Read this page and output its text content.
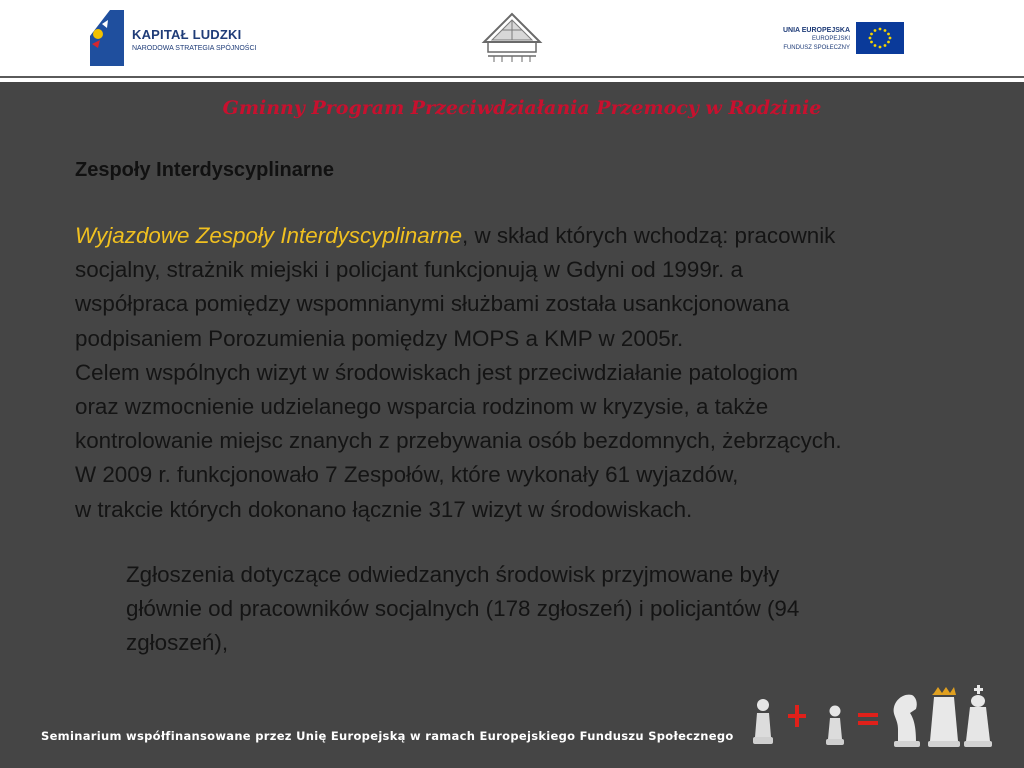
KAPITAŁ LUDZKI
NARODOWA STRATEGIA SPÓJNOŚCI
UNIA EUROPEJSKA
EUROPEJSKI
FUNDUSZ SPOŁECZNY
Gminny Program Przeciwdziałania Przemocy w Rodzinie
Zespoły Interdyscyplinarne
Wyjazdowe Zespoły Interdyscyplinarne, w skład których wchodzą: pracownik
socjalny, strażnik miejski i policjant funkcjonują w Gdyni od 1999r. a
współpraca pomiędzy wspomnianymi służbami została usankcjonowana
podpisaniem Porozumienia pomiędzy MOPS a KMP w 2005r.
Celem wspólnych wizyt w środowiskach jest przeciwdziałanie patologiom
oraz wzmocnienie udzielanego wsparcia rodzinom w kryzysie, a także
kontrolowanie miejsc znanych z przebywania osób bezdomnych, żebrzących.
W 2009 r. funkcjonowało 7 Zespołów, które wykonały 61 wyjazdów,
w trakcie których dokonano łącznie 317 wizyt w środowiskach.
Zgłoszenia dotyczące odwiedzanych środowisk przyjmowane były
głównie od pracowników socjalnych (178 zgłoszeń) i policjantów (94
zgłoszeń),
Seminarium współfinansowane przez Unię Europejską w ramach Europejskiego Funduszu Społecznego
